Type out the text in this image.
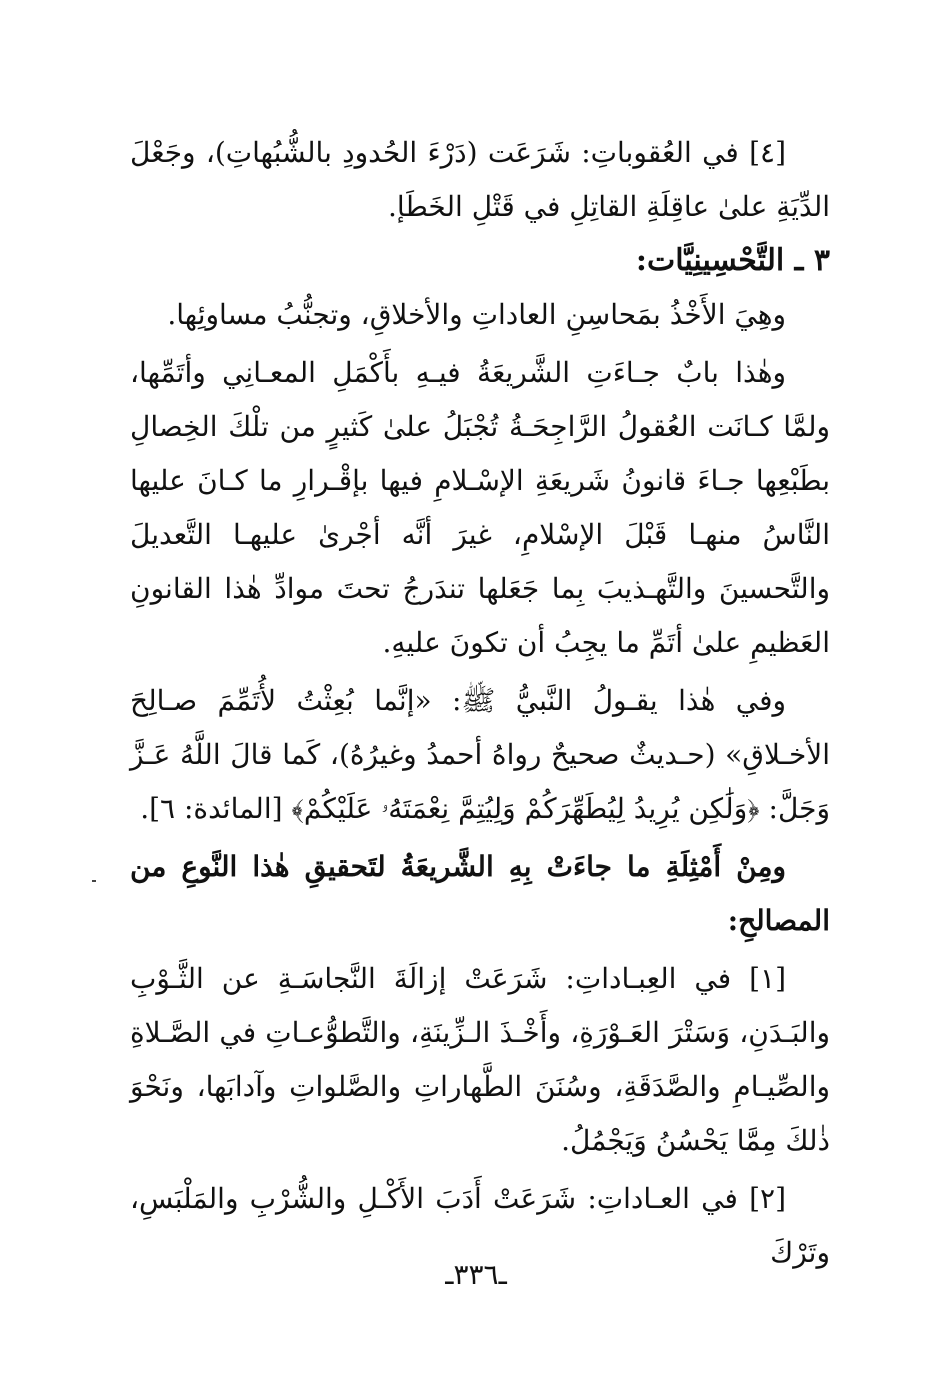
[٤] في العُقوباتِ: شَرَعَت (دَرْءَ الحُدودِ بالشُّبُهاتِ)، وجَعْلَ الدِّيَةِ علىٰ عاقِلَةِ القاتِلِ في قَتْلِ الخَطَإ.

٣ ـ التَّحْسِينِيَّات:

وهِيَ الأَخْذُ بمَحاسِنِ العاداتِ والأخلاقِ، وتجنُّبُ مساوئِها.

وهٰذا بابٌ جـاءَتِ الشَّريعَةُ فيـهِ بأَكْمَلِ المعـانِي وأتَمِّها، ولمَّا كـانَت العُقولُ الرَّاجِحَـةُ تُجْبَلُ علىٰ كَثيرٍ من تلْكَ الخِصالِ بطَبْعِها جـاءَ قانونُ شَريعَةِ الإسْـلامِ فيها بإقْـرارِ ما كـانَ عليها النَّاسُ منهـا قَبْلَ الإسْلامِ، غيرَ أنَّه أجْرىٰ عليهـا التَّعديلَ والتَّحسينَ والتَّهـذيبَ بِما جَعَلها تندَرجُ تحتَ موادِّ هٰذا القانونِ العَظيمِ علىٰ أتَمِّ ما يجِبُ أن تكونَ عليهِ.

وفي هٰذا يقـولُ النَّبيُّ ﷺ: «إنَّما بُعِثْتُ لأُتَمِّمَ صـالِحَ الأخـلاقِ» (حـديثٌ صحيحٌ رواهُ أحمدُ وغيرُهُ)، كَما قالَ اللَّهُ عَـزَّ وَجَلَّ: ﴿وَلَٰكِن يُرِيدُ لِيُطَهِّرَكُمْ وَلِيُتِمَّ نِعْمَتَهُۥ عَلَيْكُمْ﴾ [المائدة: ٦].

ومِنْ أَمْثِلَةِ ما جاءَتْ بِهِ الشَّريعَةُ لتَحقيقِ هٰذا النَّوعِ من المصالحِ:

[١] في العِبـاداتِ: شَرَعَتْ إزالَةَ النَّجاسَـةِ عن الثَّـوْبِ والبَـدَنِ، وَسَتْرَ العَـوْرَةِ، وأَخْـذَ الـزِّينَةِ، والتَّطوُّعـاتِ في الصَّـلاةِ والصِّيـامِ والصَّدَقَةِ، وسُنَنَ الطَّهاراتِ والصَّلواتِ وآدابَها، ونَحْوَ ذٰلكَ مِمَّا يَحْسُنُ وَيَجْمُلُ.

[٢] في العـاداتِ: شَرَعَتْ أَدَبَ الأَكْـلِ والشُّرْبِ والمَلْبَسِ، وتَرْكَ

ـ٣٣٦ـ
